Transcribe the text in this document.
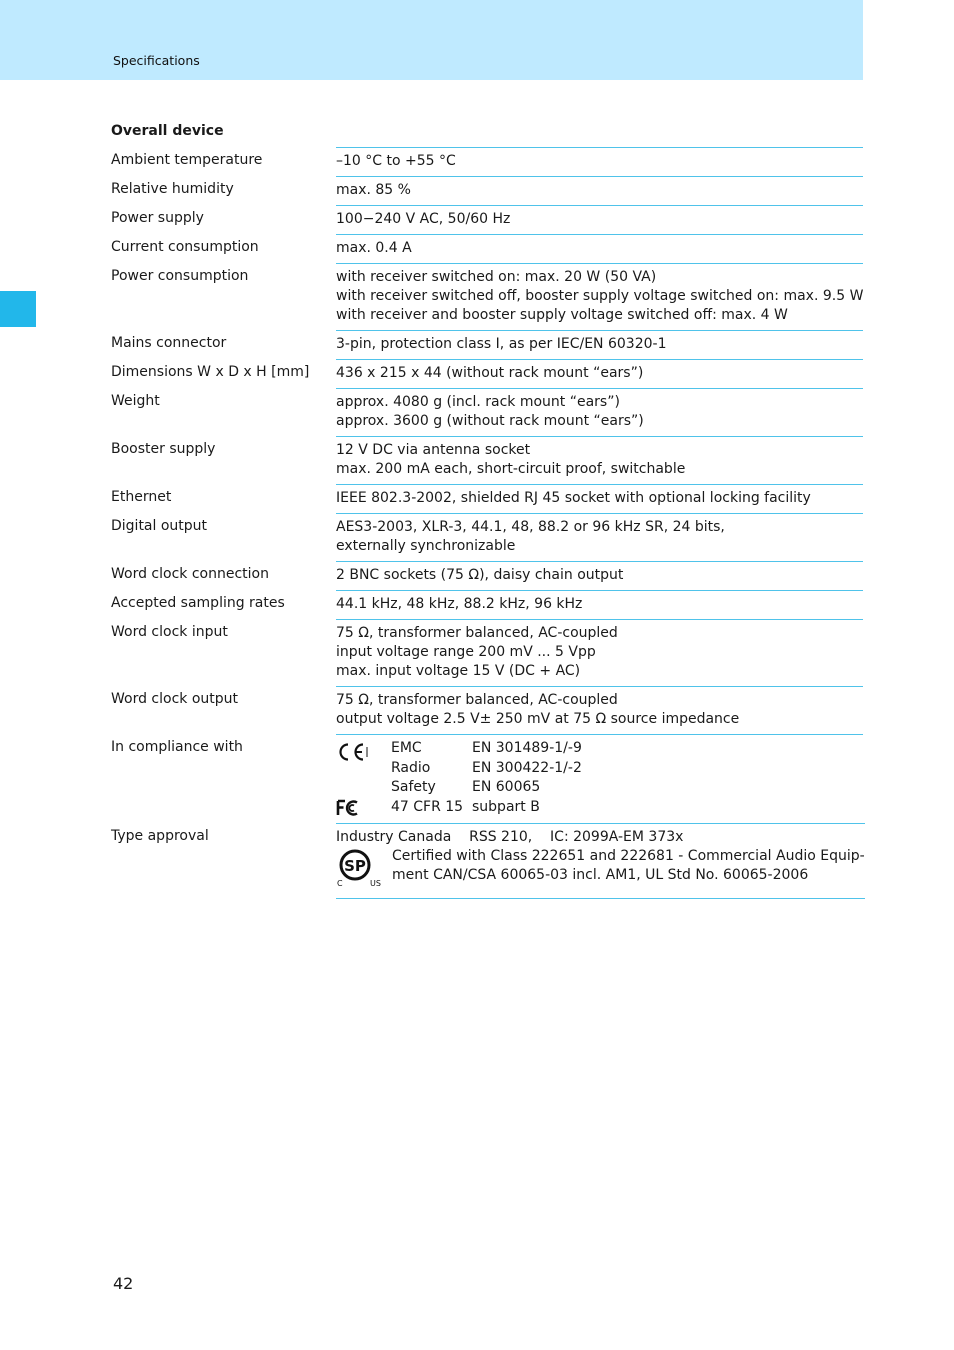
Specifications
Overall device
Ambient temperature	–10 °C to +55 °C
Relative humidity	max. 85 %
Power supply	100−240 V AC, 50/60 Hz
Current consumption	max. 0.4 A
Power consumption	with receiver switched on: max. 20 W (50 VA)
with receiver switched off, booster supply voltage switched on: max. 9.5 W
with receiver and booster supply voltage switched off: max. 4 W
Mains connector	3-pin, protection class I, as per IEC/EN 60320-1
Dimensions W x D x H [mm]	436 x 215 x 44 (without rack mount “ears”)
Weight	approx. 4080 g (incl. rack mount “ears”)
approx. 3600 g (without rack mount “ears”)
Booster supply	12 V DC via antenna socket
max. 200 mA each, short-circuit proof, switchable
Ethernet	IEEE 802.3-2002, shielded RJ 45 socket with optional locking facility
Digital output	AES3-2003, XLR-3, 44.1, 48, 88.2 or 96 kHz SR, 24 bits,
externally synchronizable
Word clock connection	2 BNC sockets (75 Ω), daisy chain output
Accepted sampling rates	44.1 kHz, 48 kHz, 88.2 kHz, 96 kHz
Word clock input	75 Ω, transformer balanced, AC-coupled
input voltage range 200 mV ... 5 Vpp
max. input voltage 15 V (DC + AC)
Word clock output	75 Ω, transformer balanced, AC-coupled
output voltage 2.5 V± 250 mV at 75 Ω source impedance
In compliance with	EMC	EN 301489-1/-9
Radio	EN 300422-1/-2
Safety	EN 60065
47 CFR 15	subpart B
Type approval	Industry Canada    RSS 210,    IC: 2099A-EM 373x
SP
C	US
Certified with Class 222651 and 222681 - Commercial Audio Equip-
ment CAN/CSA 60065-03 incl. AM1, UL Std No. 60065-2006
42
